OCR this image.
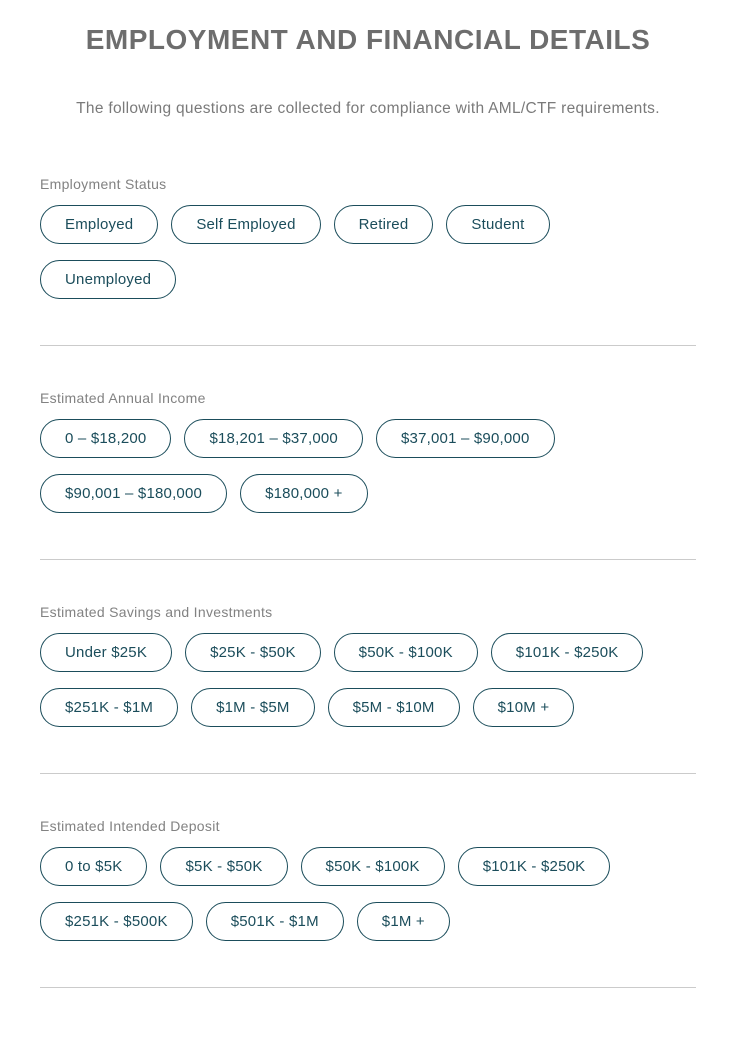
EMPLOYMENT AND FINANCIAL DETAILS

The following questions are collected for compliance with AML/CTF requirements.

Employment Status
Employed	Self Employed	Retired	Student
Unemployed
Estimated Annual Income
0 – $18,200	$18,201 – $37,000	$37,001 – $90,000
$90,001 – $180,000	$180,000 +
Estimated Savings and Investments
Under $25K	$25K - $50K	$50K - $100K	$101K - $250K
$251K - $1M	$1M - $5M	$5M - $10M	$10M +
Estimated Intended Deposit
0 to $5K	$5K - $50K	$50K - $100K	$101K - $250K
$251K - $500K	$501K - $1M	$1M +
